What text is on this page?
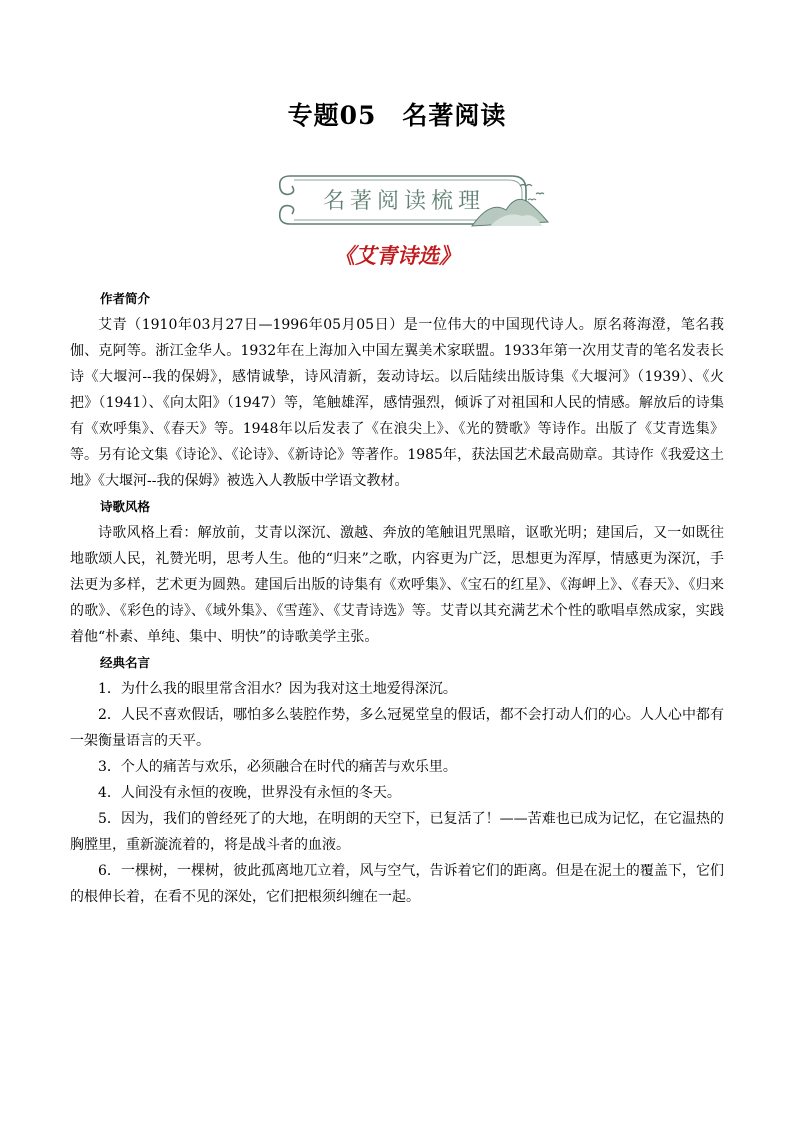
专题05　名著阅读
名著阅读梳理
《艾青诗选》

作者简介

艾青（1910年03月27日—1996年05月05日）是一位伟大的中国现代诗人。原名蒋海澄，笔名莪伽、克阿等。浙江金华人。1932年在上海加入中国左翼美术家联盟。1933年第一次用艾青的笔名发表长诗《大堰河--我的保姆》，感情诚挚，诗风清新，轰动诗坛。以后陆续出版诗集《大堰河》（1939）、《火把》（1941）、《向太阳》（1947）等，笔触雄浑，感情强烈，倾诉了对祖国和人民的情感。解放后的诗集有《欢呼集》、《春天》等。1948年以后发表了《在浪尖上》、《光的赞歌》等诗作。出版了《艾青选集》等。另有论文集《诗论》、《论诗》、《新诗论》等著作。1985年，获法国艺术最高勋章。其诗作《我爱这土地》《大堰河--我的保姆》被选入人教版中学语文教材。

诗歌风格

诗歌风格上看：解放前，艾青以深沉、激越、奔放的笔触诅咒黑暗，讴歌光明；建国后，又一如既往地歌颂人民，礼赞光明，思考人生。他的“归来”之歌，内容更为广泛，思想更为浑厚，情感更为深沉，手法更为多样，艺术更为圆熟。建国后出版的诗集有《欢呼集》、《宝石的红星》、《海岬上》、《春天》、《归来的歌》、《彩色的诗》、《域外集》、《雪莲》、《艾青诗选》等。艾青以其充满艺术个性的歌唱卓然成家，实践着他“朴素、单纯、集中、明快”的诗歌美学主张。

经典名言

1．为什么我的眼里常含泪水？因为我对这土地爱得深沉。

2．人民不喜欢假话，哪怕多么装腔作势，多么冠冕堂皇的假话，都不会打动人们的心。人人心中都有一架衡量语言的天平。

3．个人的痛苦与欢乐，必须融合在时代的痛苦与欢乐里。

4．人间没有永恒的夜晚，世界没有永恒的冬天。

5．因为，我们的曾经死了的大地，在明朗的天空下，已复活了！——苦难也已成为记忆，在它温热的胸膛里，重新漩流着的，将是战斗者的血液。

6．一棵树，一棵树，彼此孤离地兀立着，风与空气，告诉着它们的距离。但是在泥土的覆盖下，它们的根伸长着，在看不见的深处，它们把根须纠缠在一起。
